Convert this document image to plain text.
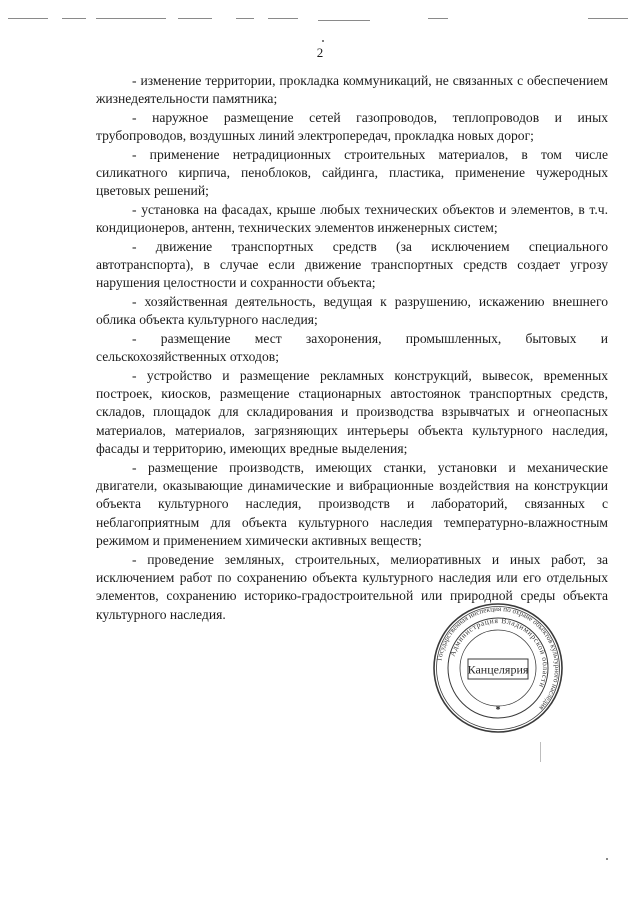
2

- изменение территории, прокладка коммуникаций, не связанных с обеспечением жизнедеятельности памятника;

- наружное размещение сетей газопроводов, теплопроводов и иных трубопроводов, воздушных линий электропередач, прокладка новых дорог;

- применение нетрадиционных строительных материалов, в том числе силикатного кирпича, пеноблоков, сайдинга, пластика, применение чужеродных цветовых решений;

- установка на фасадах, крыше любых технических объектов и элементов, в т.ч. кондиционеров, антенн, технических элементов инженерных систем;

- движение транспортных средств (за исключением специального автотранспорта), в случае если движение транспортных средств создает угрозу нарушения целостности и сохранности объекта;

- хозяйственная деятельность, ведущая к разрушению, искажению внешнего облика объекта культурного наследия;

- размещение мест захоронения, промышленных, бытовых и сельскохозяйственных отходов;

- устройство и размещение рекламных конструкций, вывесок, временных построек, киосков, размещение стационарных автостоянок транспортных средств, складов, площадок для складирования и производства взрывчатых и огнеопасных материалов, материалов, загрязняющих интерьеры объекта культурного наследия, фасады и территорию, имеющих вредные выделения;

- размещение производств, имеющих станки, установки и механические двигатели, оказывающие динамические и вибрационные воздействия на конструкции объекта культурного наследия, производств и лабораторий, связанных с неблагоприятным для объекта культурного наследия температурно-влажностным режимом и применением химически активных веществ;

- проведение земляных, строительных, мелиоративных и иных работ, за исключением работ по сохранению объекта культурного наследия или его отдельных элементов, сохранению историко-градостроительной или природной среды объекта культурного наследия.

Государственная инспекция по охране объектов культурного наследия
Администрация Владимирской области
Канцелярия
✱
